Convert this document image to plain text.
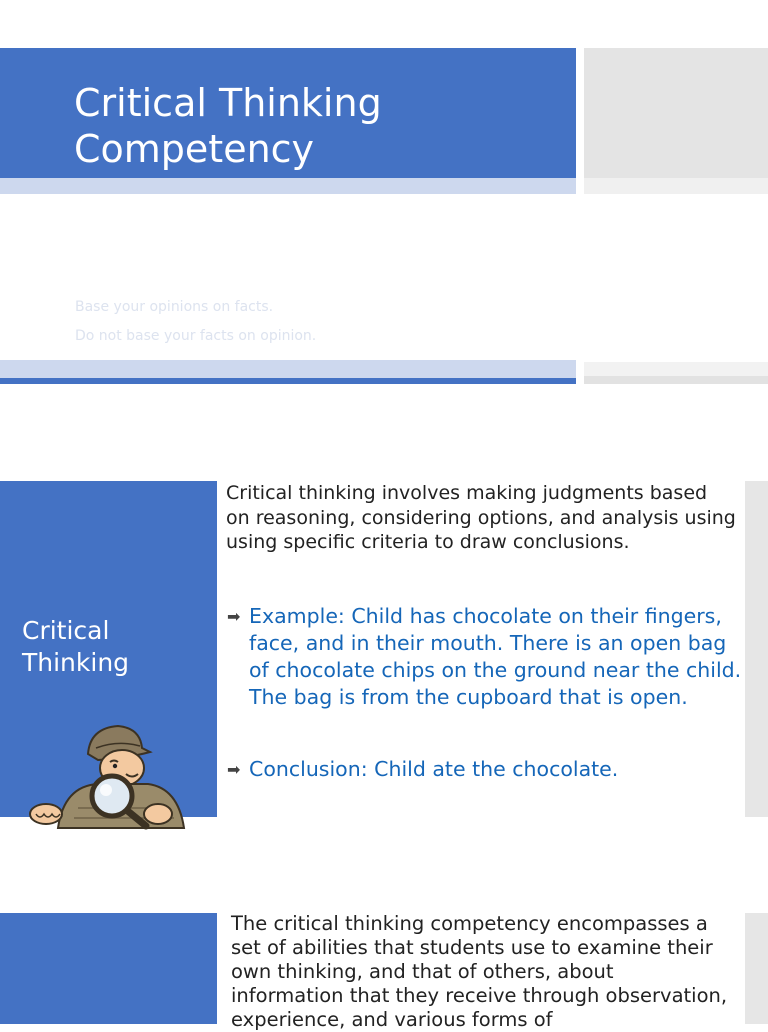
Critical Thinking
Competency
Base your opinions on facts.
Do not base your facts on opinion.
Critical
Thinking

Critical thinking involves making judgments based on reasoning, considering options, and analysis using using specific criteria to draw conclusions.

➡ Example: Child has chocolate on their fingers, face, and in their mouth. There is an open bag of chocolate chips on the ground near the child. The bag is from the cupboard that is open.
➡ Conclusion: Child ate the chocolate.

The critical thinking competency encompasses a set of abilities that students use to examine their own thinking, and that of others, about information that they receive through observation, experience, and various forms of
